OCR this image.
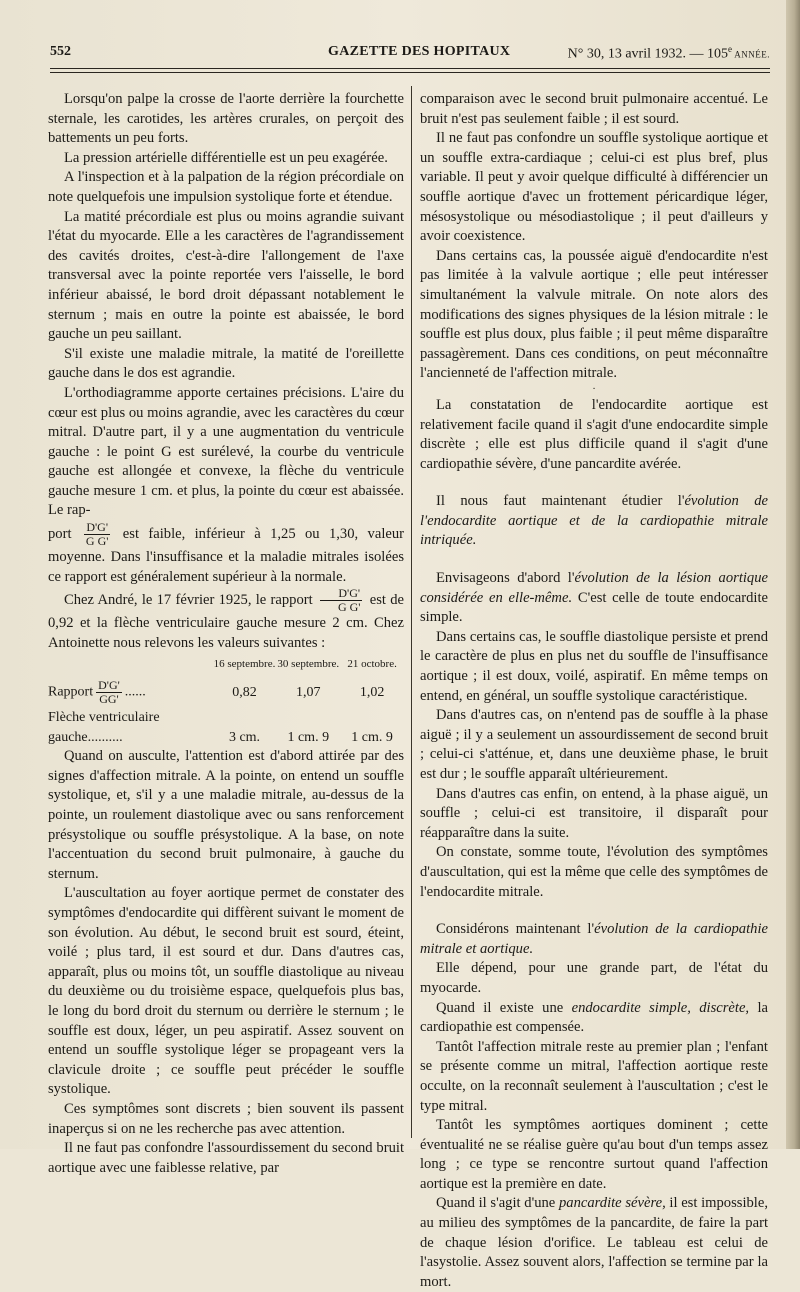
552	GAZETTE DES HOPITAUX	N° 30, 13 avril 1932. — 105e ANNÉE.

Lorsqu'on palpe la crosse de l'aorte derrière la fourchette sternale, les carotides, les artères crurales, on perçoit des battements un peu forts.

La pression artérielle différentielle est un peu exagérée.

A l'inspection et à la palpation de la région précordiale on note quelquefois une impulsion systolique forte et étendue.

La matité précordiale est plus ou moins agrandie suivant l'état du myocarde. Elle a les caractères de l'agrandissement des cavités droites, c'est-à-dire l'allongement de l'axe transversal avec la pointe reportée vers l'aisselle, le bord inférieur abaissé, le bord droit dépassant notablement le sternum ; mais en outre la pointe est abaissée, le bord gauche un peu saillant.

S'il existe une maladie mitrale, la matité de l'oreillette gauche dans le dos est agrandie.

L'orthodiagramme apporte certaines précisions. L'aire du cœur est plus ou moins agrandie, avec les caractères du cœur mitral. D'autre part, il y a une augmentation du ventricule gauche : le point G est surélevé, la courbe du ventricule gauche est allongée et convexe, la flèche du ventricule gauche mesure 1 cm. et plus, la pointe du cœur est abaissée. Le rap-

port $\frac{D'G'}{\text{G G'}}$ est faible, inférieur à 1,25 ou 1,30, valeur moyenne. Dans l'insuffisance et la maladie mitrales isolées ce rapport est généralement supérieur à la normale.

Chez André, le 17 février 1925, le rapport $\frac{D'G'}{\text{G G'}}$ est de 0,92 et la flèche ventriculaire gauche mesure 2 cm. Chez Antoinette nous relevons les valeurs suivantes :

	16 septembre.	30 septembre.	21 octobre.
Rapport $\frac{D'G'}{GG'}$ ......	0,82	1,07	1,02
Flèche ventriculaire
gauche..........	3 cm.	1 cm. 9	1 cm. 9

Quand on ausculte, l'attention est d'abord attirée par des signes d'affection mitrale. A la pointe, on entend un souffle systolique, et, s'il y a une maladie mitrale, au-dessus de la pointe, un roulement diastolique avec ou sans renforcement présystolique ou souffle présystolique. A la base, on note l'accentuation du second bruit pulmonaire, à gauche du sternum.

L'auscultation au foyer aortique permet de constater des symptômes d'endocardite qui diffèrent suivant le moment de son évolution. Au début, le second bruit est sourd, éteint, voilé ; plus tard, il est sourd et dur. Dans d'autres cas, apparaît, plus ou moins tôt, un souffle diastolique au niveau du deuxième ou du troisième espace, quelquefois plus bas, le long du bord droit du sternum ou derrière le sternum ; le souffle est doux, léger, un peu aspiratif. Assez souvent on entend un souffle systolique léger se propageant vers la clavicule droite ; ce souffle peut précéder le souffle systolique.

Ces symptômes sont discrets ; bien souvent ils passent inaperçus si on ne les recherche pas avec attention.

Il ne faut pas confondre l'assourdissement du second bruit aortique avec une faiblesse relative, par

comparaison avec le second bruit pulmonaire accentué. Le bruit n'est pas seulement faible ; il est sourd.

Il ne faut pas confondre un souffle systolique aortique et un souffle extra-cardiaque ; celui-ci est plus bref, plus variable. Il peut y avoir quelque difficulté à différencier un souffle aortique d'avec un frottement péricardique léger, mésosystolique ou mésodiastolique ; il peut d'ailleurs y avoir coexistence.

Dans certains cas, la poussée aiguë d'endocardite n'est pas limitée à la valvule aortique ; elle peut intéresser simultanément la valvule mitrale. On note alors des modifications des signes physiques de la lésion mitrale : le souffle est plus doux, plus faible ; il peut même disparaître passagèrement. Dans ces conditions, on peut méconnaître l'ancienneté de l'affection mitrale.

·

La constatation de l'endocardite aortique est relativement facile quand il s'agit d'une endocardite simple discrète ; elle est plus difficile quand il s'agit d'une cardiopathie sévère, d'une pancardite avérée.

Il nous faut maintenant étudier l'évolution de l'endocardite aortique et de la cardiopathie mitrale intriquée.

Envisageons d'abord l'évolution de la lésion aortique considérée en elle-même. C'est celle de toute endocardite simple.

Dans certains cas, le souffle diastolique persiste et prend le caractère de plus en plus net du souffle de l'insuffisance aortique ; il est doux, voilé, aspiratif. En même temps on entend, en général, un souffle systolique caractéristique.

Dans d'autres cas, on n'entend pas de souffle à la phase aiguë ; il y a seulement un assourdissement de second bruit ; celui-ci s'atténue, et, dans une deuxième phase, le bruit est dur ; le souffle apparaît ultérieurement.

Dans d'autres cas enfin, on entend, à la phase aiguë, un souffle ; celui-ci est transitoire, il disparaît pour réapparaître dans la suite.

On constate, somme toute, l'évolution des symptômes d'auscultation, qui est la même que celle des symptômes de l'endocardite mitrale.

Considérons maintenant l'évolution de la cardiopathie mitrale et aortique.

Elle dépend, pour une grande part, de l'état du myocarde.

Quand il existe une endocardite simple, discrète, la cardiopathie est compensée.

Tantôt l'affection mitrale reste au premier plan ; l'enfant se présente comme un mitral, l'affection aortique reste occulte, on la reconnaît seulement à l'auscultation ; c'est le type mitral.

Tantôt les symptômes aortiques dominent ; cette éventualité ne se réalise guère qu'au bout d'un temps assez long ; ce type se rencontre surtout quand l'affection aortique est la première en date.

Quand il s'agit d'une pancardite sévère, il est impossible, au milieu des symptômes de la pancardite, de faire la part de chaque lésion d'orifice. Le tableau est celui de l'asystolie. Assez souvent alors, l'affection se termine par la mort.
